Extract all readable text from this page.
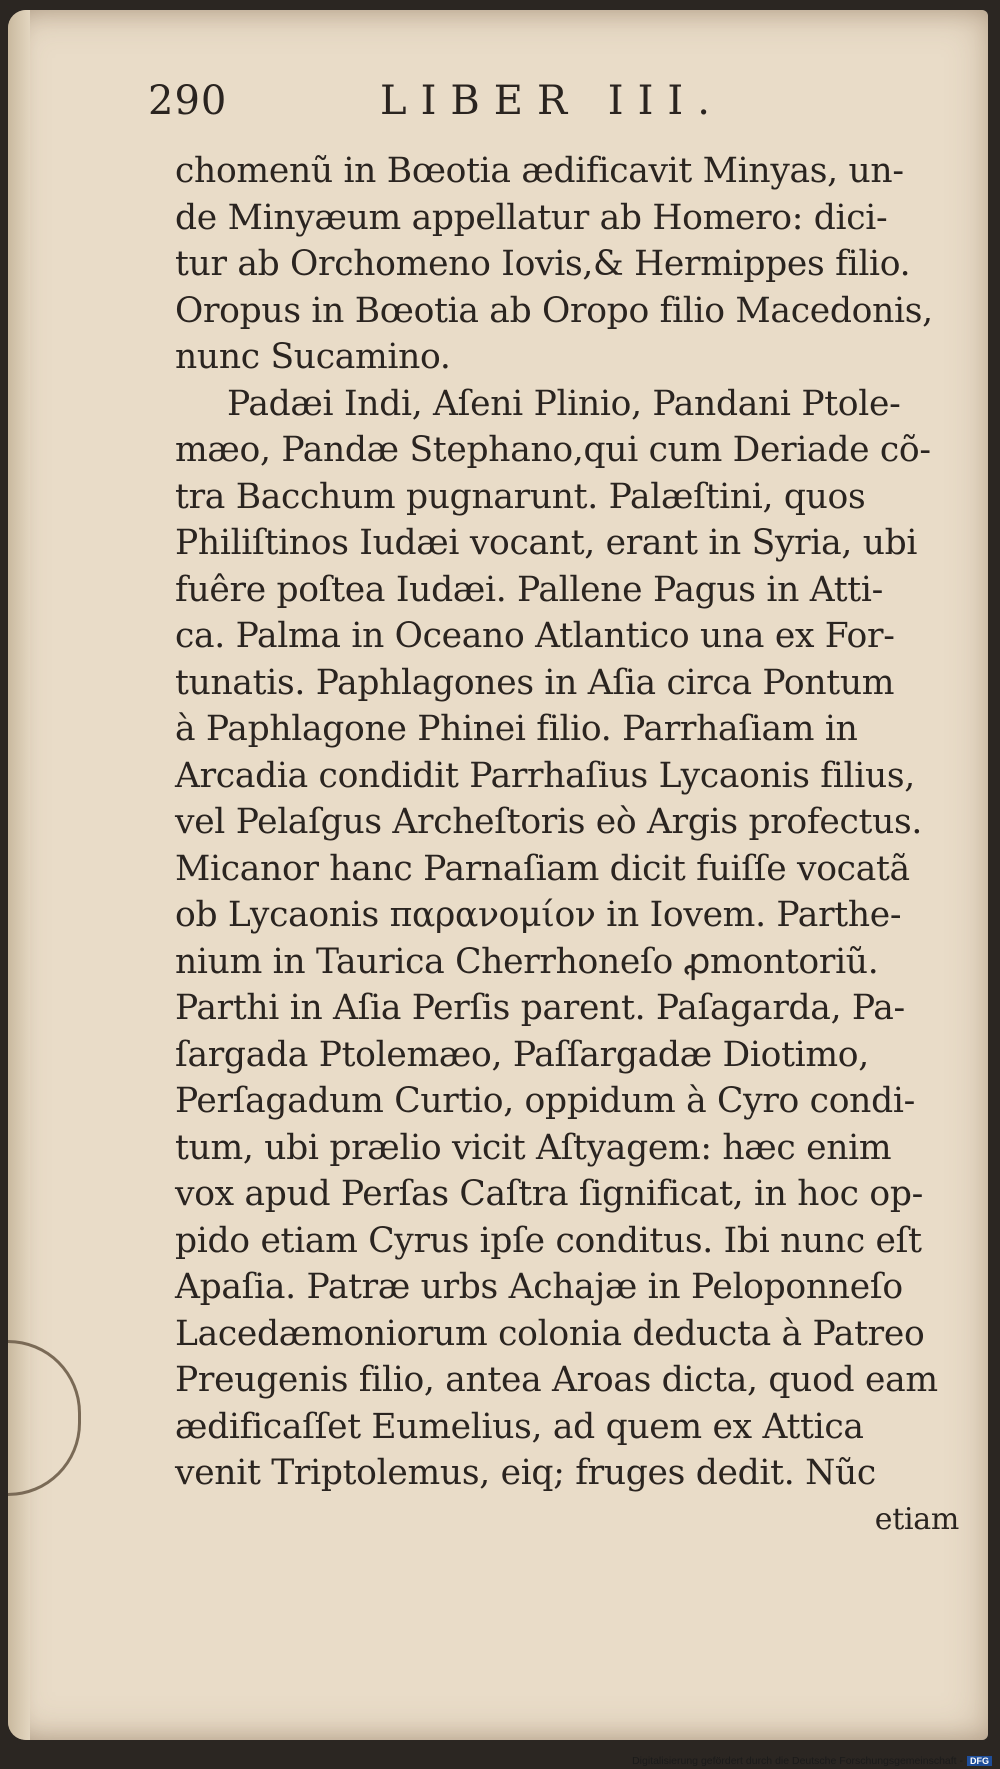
290	LIBER III.
chomenũ in Bœotia ædificavit Minyas, un-
de Minyæum appellatur ab Homero: dici-
tur ab Orchomeno Iovis,& Hermippes filio.
Oropus in Bœotia ab Oropo filio Macedonis,
nunc Sucamino.
Padæi Indi, Aſeni Plinio, Pandani Ptole-
mæo, Pandæ Stephano,qui cum Deriade cõ-
tra Bacchum pugnarunt. Palæſtini, quos
Philiſtinos Iudæi vocant, erant in Syria, ubi
fuêre poſtea Iudæi. Pallene Pagus in Atti-
ca. Palma in Oceano Atlantico una ex For-
tunatis. Paphlagones in Aſia circa Pontum
à Paphlagone Phinei filio. Parrhaſiam in
Arcadia condidit Parrhaſius Lycaonis filius,
vel Pelaſgus Archeſtoris eò Argis profectus.
Micanor hanc Parnaſiam dicit fuiſſe vocatã
ob Lycaonis παρανομίον in Iovem. Parthe-
nium in Taurica Cherrhoneſo ꝓmontoriũ.
Parthi in Aſia Perſis parent. Paſagarda, Pa-
ſargada Ptolemæo, Paſſargadæ Diotimo,
Perſagadum Curtio, oppidum à Cyro condi-
tum, ubi prælio vicit Aſtyagem: hæc enim
vox apud Perſas Caſtra ſignificat, in hoc op-
pido etiam Cyrus ipſe conditus. Ibi nunc eſt
Apaſia. Patræ urbs Achajæ in Peloponneſo
Lacedæmoniorum colonia deducta à Patreo
Preugenis filio, antea Aroas dicta, quod eam
ædificaſſet Eumelius, ad quem ex Attica
venit Triptolemus, eiq; fruges dedit. Nũc
etiam
Digitalisierung gefördert durch die Deutsche Forschungsgemeinschaft - DFG
